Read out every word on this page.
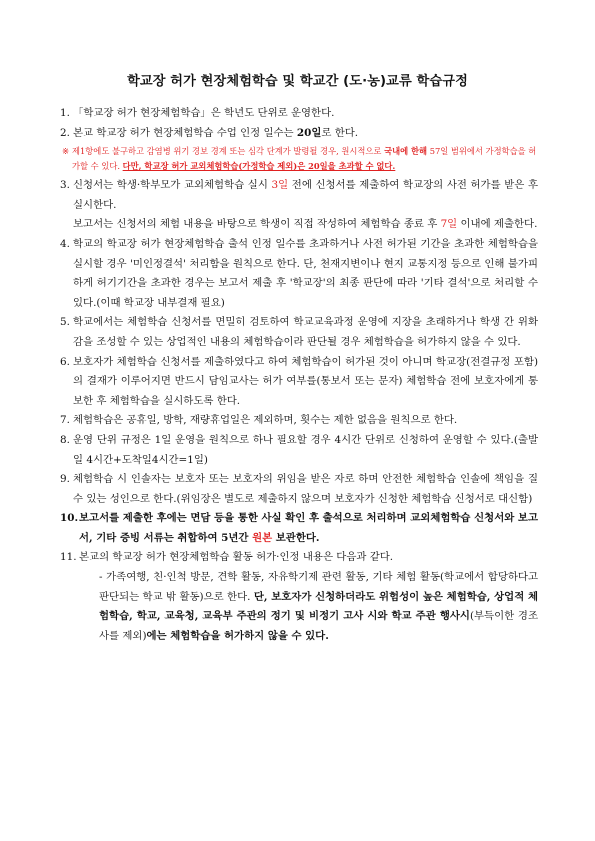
학교장 허가 현장체험학습 및 학교간 (도·농)교류 학습규정
1. 「학교장 허가 현장체험학습」은 학년도 단위로 운영한다.
2. 본교 학교장 허가 현장체험학습 수업 인정 일수는 20일로 한다.
※ 제1항에도 불구하고 감염병 위기 경보 경계 또는 심각 단계가 발령될 경우, 원시적으로 국내에 한해 57일 범위에서 가정학습을 허가할 수 있다. 다만, 학교장 허가 교외체험학습(가정학습 제외)은 20일을 초과할 수 없다.
3. 신청서는 학생·학부모가 교외체험학습 실시 3일 전에 신청서를 제출하여 학교장의 사전 허가를 받은 후 실시한다.
보고서는 신청서의 체험 내용을 바탕으로 학생이 직접 작성하여 체험학습 종료 후 7일 이내에 제출한다.
4. 학교의 학교장 허가 현장체험학습 출석 인정 일수를 초과하거나 사전 허가된 기간을 초과한 체험학습을 실시할 경우 '미인정결석' 처리함을 원칙으로 한다. 단, 천재지변이나 현지 교통지정 등으로 인해 불가피하게 허기기간을 초과한 경우는 보고서 제출 후 '학교장'의 최종 판단에 따라 '기타 결석'으로 처리할 수 있다.(이때 학교장 내부결재 필요)
5. 학교에서는 체험학습 신청서를 면밀히 검토하여 학교교육과정 운영에 지장을 초래하거나 학생 간 위화감을 조성할 수 있는 상업적인 내용의 체험학습이라 판단될 경우 체험학습을 허가하지 않을 수 있다.
6. 보호자가 체험학습 신청서를 제출하였다고 하여 체험학습이 허가된 것이 아니며 학교장(전결규정 포함)의 결재가 이루어지면 반드시 담임교사는 허가 여부를(통보서 또는 문자) 체험학습 전에 보호자에게 통보한 후 체험학습을 실시하도록 한다.
7. 체험학습은 공휴일, 방학, 재량휴업일은 제외하며, 횟수는 제한 없음을 원칙으로 한다.
8. 운영 단위 규정은 1일 운영을 원칙으로 하나 필요할 경우 4시간 단위로 신청하여 운영할 수 있다.(출발일 4시간+도착일4시간=1일)
9. 체험학습 시 인솔자는 보호자 또는 보호자의 위임을 받은 자로 하며 안전한 체험학습 인솔에 책임을 질 수 있는 성인으로 한다.(위임장은 별도로 제출하지 않으며 보호자가 신청한 체험학습 신청서로 대신함)
10. 보고서를 제출한 후에는 면담 등을 통한 사실 확인 후 출석으로 처리하며 교외체험학습 신청서와 보고서, 기타 증빙 서류는 취합하여 5년간 원본 보관한다.
11. 본교의 학교장 허가 현장체험학습 활동 허가·인정 내용은 다음과 같다.
- 가족여행, 친·인척 방문, 견학 활동, 자유학기제 관련 활동, 기타 체험 활동(학교에서 합당하다고 판단되는 학교 밖 활동)으로 한다. 단, 보호자가 신청하더라도 위험성이 높은 체험학습, 상업적 체험학습, 학교, 교육청, 교육부 주관의 정기 및 비정기 고사 시와 학교 주관 행사시(부득이한 경조사를 제외)에는 체험학습을 허가하지 않을 수 있다.
